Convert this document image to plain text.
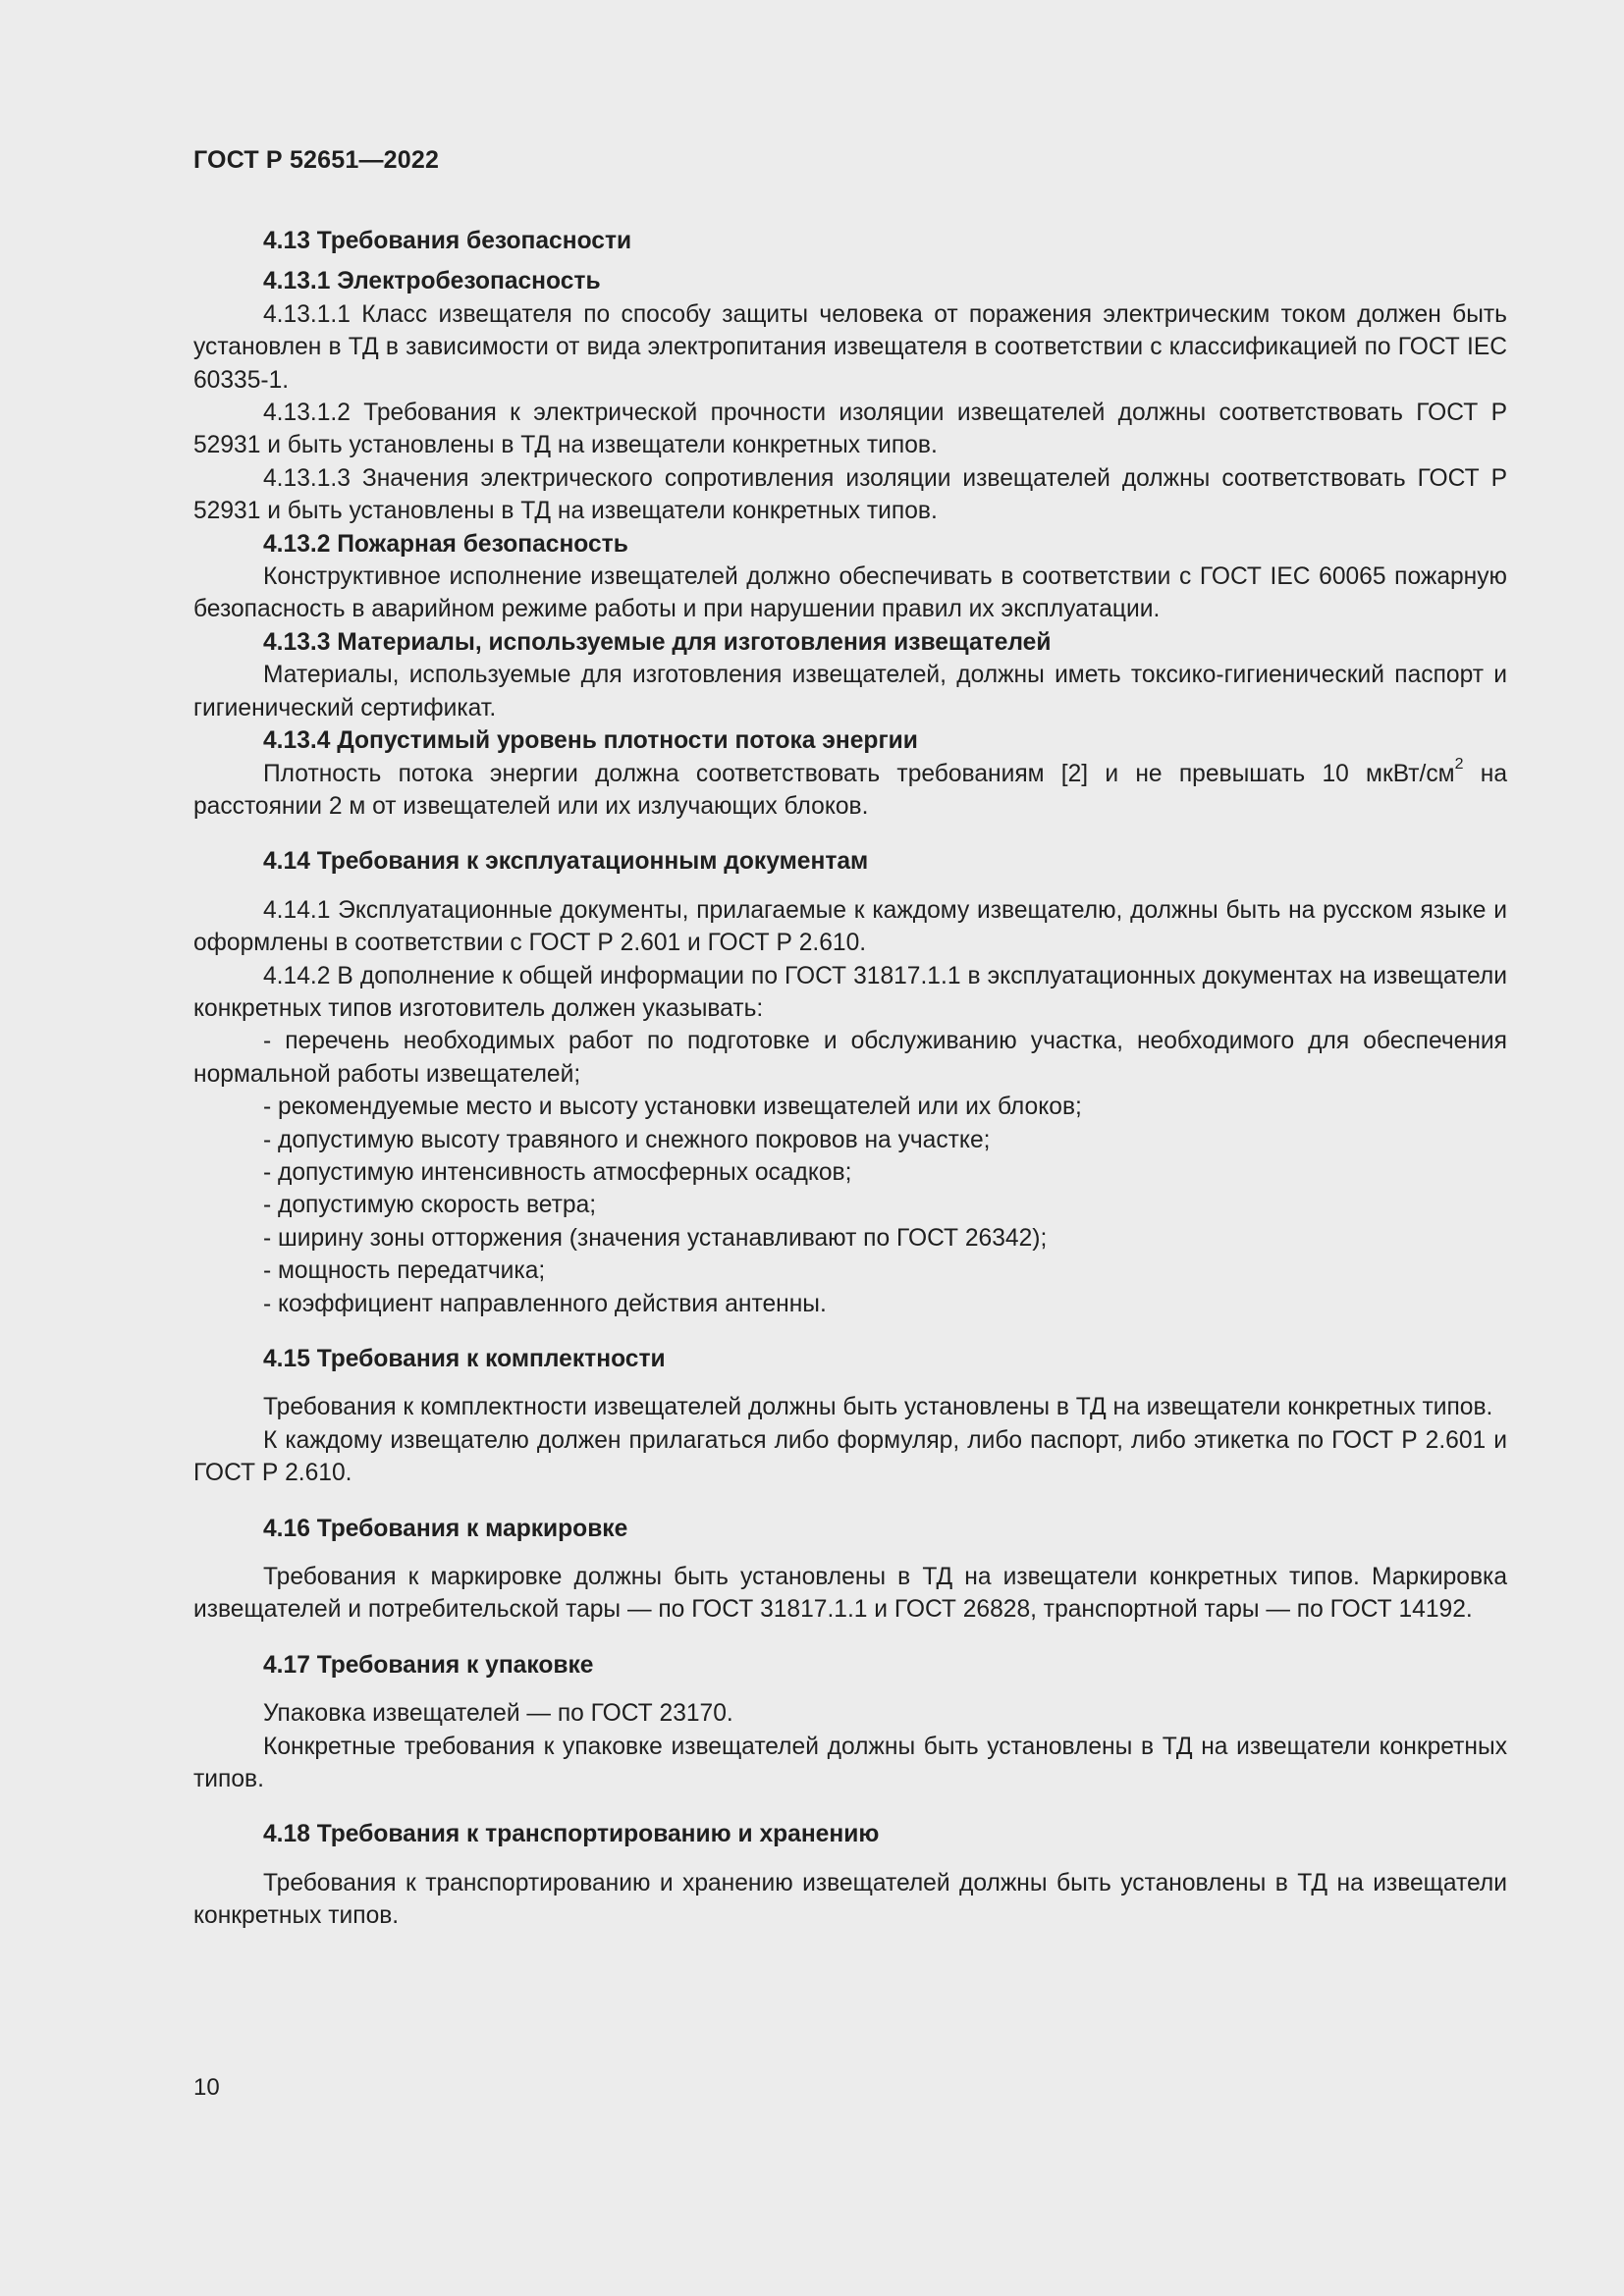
ГОСТ Р 52651—2022

4.13 Требования безопасности

4.13.1 Электробезопасность

4.13.1.1 Класс извещателя по способу защиты человека от поражения электрическим током должен быть установлен в ТД в зависимости от вида электропитания извещателя в соответствии с классификацией по ГОСТ IEC 60335-1.

4.13.1.2 Требования к электрической прочности изоляции извещателей должны соответствовать ГОСТ Р 52931 и быть установлены в ТД на извещатели конкретных типов.

4.13.1.3 Значения электрического сопротивления изоляции извещателей должны соответствовать ГОСТ Р 52931 и быть установлены в ТД на извещатели конкретных типов.

4.13.2 Пожарная безопасность

Конструктивное исполнение извещателей должно обеспечивать в соответствии с ГОСТ IEC 60065 пожарную безопасность в аварийном режиме работы и при нарушении правил их эксплуатации.

4.13.3 Материалы, используемые для изготовления извещателей

Материалы, используемые для изготовления извещателей, должны иметь токсико-гигиенический паспорт и гигиенический сертификат.

4.13.4 Допустимый уровень плотности потока энергии

Плотность потока энергии должна соответствовать требованиям [2] и не превышать 10 мкВт/$см^2$ на расстоянии 2 м от извещателей или их излучающих блоков.

4.14 Требования к эксплуатационным документам

4.14.1 Эксплуатационные документы, прилагаемые к каждому извещателю, должны быть на русском языке и оформлены в соответствии с ГОСТ Р 2.601 и ГОСТ Р 2.610.

4.14.2 В дополнение к общей информации по ГОСТ 31817.1.1 в эксплуатационных документах на извещатели конкретных типов изготовитель должен указывать:

- перечень необходимых работ по подготовке и обслуживанию участка, необходимого для обеспечения нормальной работы извещателей;

- рекомендуемые место и высоту установки извещателей или их блоков;

- допустимую высоту травяного и снежного покровов на участке;

- допустимую интенсивность атмосферных осадков;

- допустимую скорость ветра;

- ширину зоны отторжения (значения устанавливают по ГОСТ 26342);

- мощность передатчика;

- коэффициент направленного действия антенны.

4.15 Требования к комплектности

Требования к комплектности извещателей должны быть установлены в ТД на извещатели конкретных типов.

К каждому извещателю должен прилагаться либо формуляр, либо паспорт, либо этикетка по ГОСТ Р 2.601 и ГОСТ Р 2.610.

4.16 Требования к маркировке

Требования к маркировке должны быть установлены в ТД на извещатели конкретных типов. Маркировка извещателей и потребительской тары — по ГОСТ 31817.1.1 и ГОСТ 26828, транспортной тары — по ГОСТ 14192.

4.17 Требования к упаковке

Упаковка извещателей — по ГОСТ 23170.

Конкретные требования к упаковке извещателей должны быть установлены в ТД на извещатели конкретных типов.

4.18 Требования к транспортированию и хранению

Требования к транспортированию и хранению извещателей должны быть установлены в ТД на извещатели конкретных типов.

10
